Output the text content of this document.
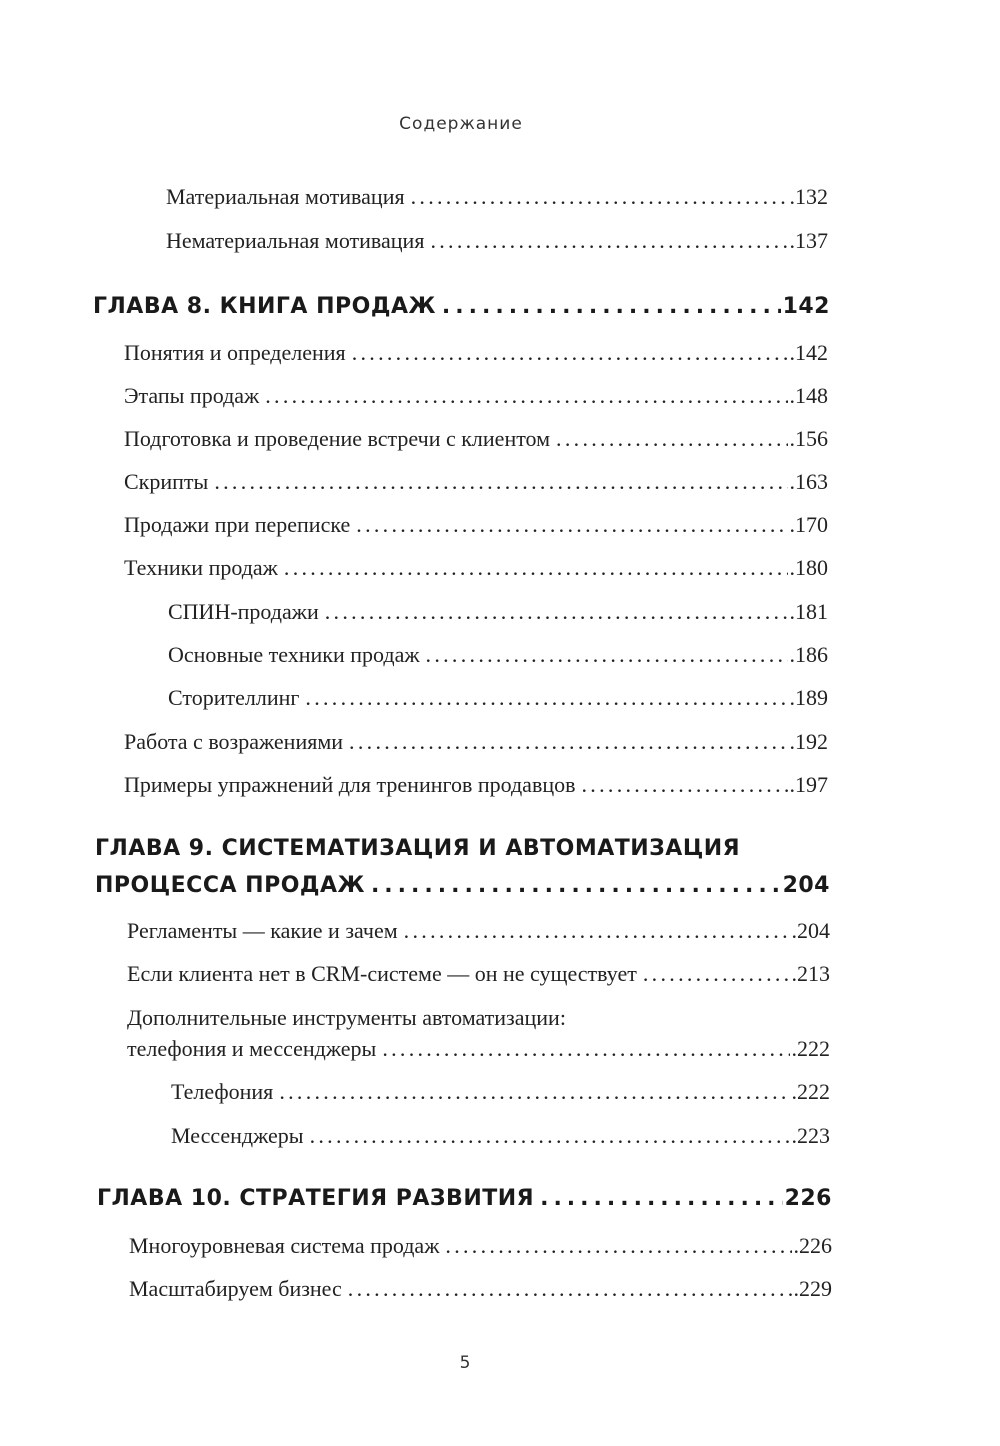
Содержание
Материальная мотивация .....	.132
Нематериальная мотивация .....	.137
ГЛАВА 8. КНИГА ПРОДАЖ .....	142
Понятия и определения .....	.142
Этапы продаж .....	.148
Подготовка и проведение встречи с клиентом .....	.156
Скрипты .....	.163
Продажи при переписке .....	.170
Техники продаж .....	.180
СПИН-продажи .....	.181
Основные техники продаж .....	.186
Сторителлинг .....	.189
Работа с возражениями .....	.192
Примеры упражнений для тренингов продавцов .....	.197
ГЛАВА 9. СИСТЕМАТИЗАЦИЯ И АВТОМАТИЗАЦИЯ
ПРОЦЕССА ПРОДАЖ .....	204
Регламенты — какие и зачем .....	.204
Если клиента нет в CRM-системе — он не существует .....	.213
Дополнительные инструменты автоматизации:
телефония и мессенджеры .....	.222
Телефония .....	.222
Мессенджеры .....	.223
ГЛАВА 10. СТРАТЕГИЯ РАЗВИТИЯ .....	226
Многоуровневая система продаж .....	.226
Масштабируем бизнес .....	.229
5
